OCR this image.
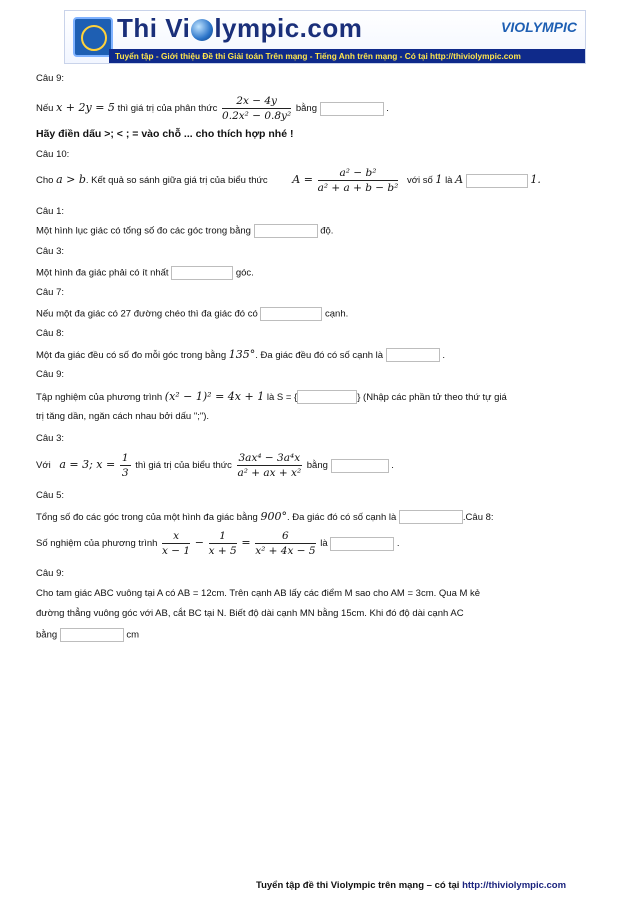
Thi Vi lympic.com	VIOLYMPIC
Tuyển tập - Giới thiệu Đề thi Giải toán Trên mạng - Tiếng Anh trên mạng - Có tại http://thiviolympic.com
Câu 9:
Nếu x + 2y = 5 thì giá trị của phân thức $\frac{2x - 4y}{\text{0.2x² − 0.8y²}}$ bằng	.
Hãy điền dấu >; < ; = vào chỗ ... cho thích hợp nhé !
Câu 10:
Cho a > b. Kết quả so sánh giữa giá trị của biểu thức $A = \frac{\text{a² − b²}}{\text{a² + a + b − b²}}$ với số 1 là A	1.
Câu 1:
Một hình lục giác có tổng số đo các góc trong bằng	độ.
Câu 3:
Một hình đa giác phải có ít nhất	góc.
Câu 7:
Nếu một đa giác có 27 đường chéo thì đa giác đó có	cạnh.
Câu 8:
Một đa giác đều có số đo mỗi góc trong bằng 135°. Đa giác đều đó có số cạnh là	.
Câu 9:
Tập nghiệm của phương trình (x² − 1)² = 4x + 1 là S = {	} (Nhập các phần tử theo thứ tự giá
trị tăng dần, ngăn cách nhau bởi dấu ";").
Câu 3:
Với a = 3; $x = \frac{1}{3}$ thì giá trị của biểu thức $\frac{\text{3ax⁴ − 3a⁴x}}{\text{a² + ax + x²}}$ bằng	.
Câu 5:
Tổng số đo các góc trong của một hình đa giác bằng 900°. Đa giác đó có số cạnh là	.Câu 8:
Số nghiệm của phương trình $\frac{x}{x - 1} - \frac{1}{x + 5} = \frac{6}{\text{x² + 4x − 5}}$ là	.
Câu 9:
Cho tam giác ABC vuông tại A có AB = 12cm. Trên cạnh AB lấy các điểm M sao cho AM = 3cm. Qua M kẻ
đường thẳng vuông góc với AB, cắt BC tại N. Biết độ dài cạnh MN bằng 15cm. Khi đó độ dài cạnh AC
bằng	cm
Tuyển tập đề thi Violympic trên mạng – có tại http://thiviolympic.com
